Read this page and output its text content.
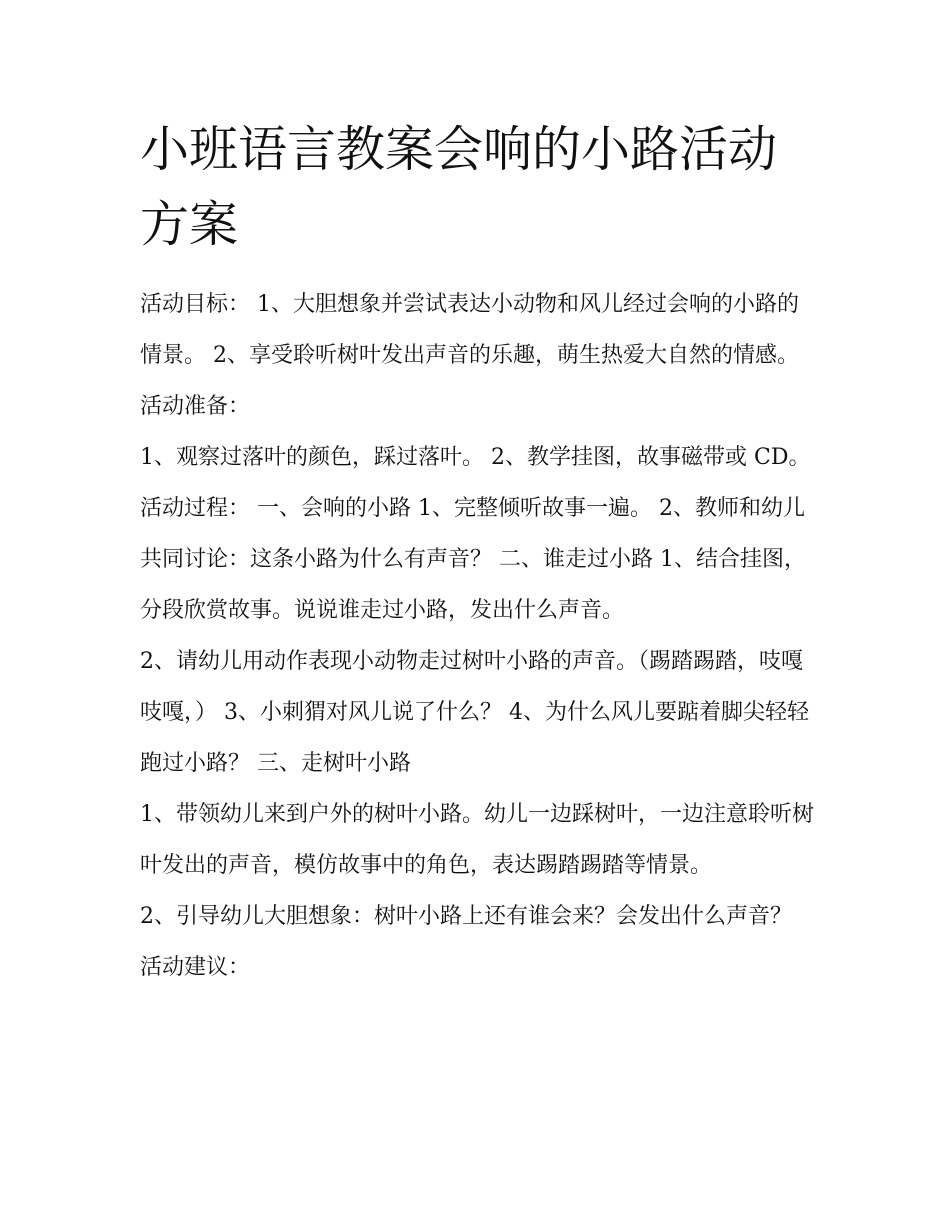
小班语言教案会响的小路活动方案

活动目标： 1、大胆想象并尝试表达小动物和风儿经过会响的小路的情景。 2、享受聆听树叶发出声音的乐趣，萌生热爱大自然的情感。 活动准备：

1、观察过落叶的颜色，踩过落叶。 2、教学挂图，故事磁带或 CD。 活动过程： 一、会响的小路 1、完整倾听故事一遍。 2、教师和幼儿共同讨论：这条小路为什么有声音？ 二、谁走过小路 1、结合挂图，分段欣赏故事。说说谁走过小路，发出什么声音。

2、请幼儿用动作表现小动物走过树叶小路的声音。（踢踏踢踏，吱嘎吱嘎，） 3、小刺猬对风儿说了什么？ 4、为什么风儿要踮着脚尖轻轻跑过小路？ 三、走树叶小路

1、带领幼儿来到户外的树叶小路。幼儿一边踩树叶，一边注意聆听树叶发出的声音，模仿故事中的角色，表达踢踏踢踏等情景。

2、引导幼儿大胆想象：树叶小路上还有谁会来？会发出什么声音？ 活动建议：
